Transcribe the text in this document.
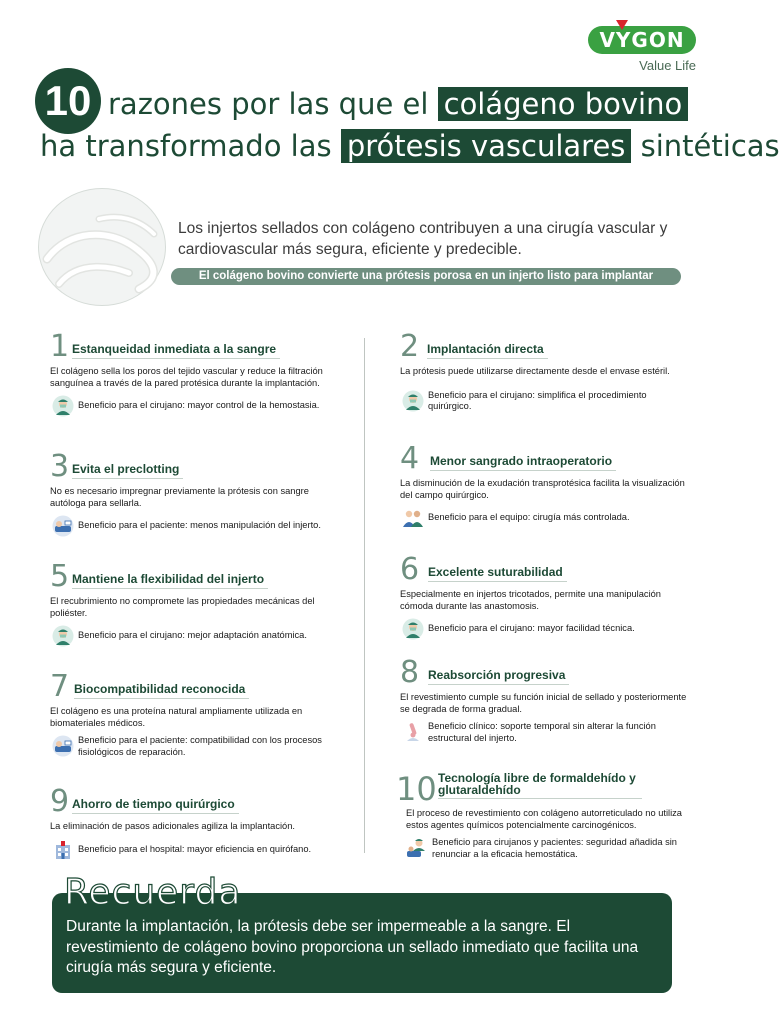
VYGON
Value Life
10 razones por las que el colágeno bovino
ha transformado las prótesis vasculares sintéticas
Los injertos sellados con colágeno contribuyen a una cirugía vascular y cardiovascular más segura, eficiente y predecible.
El colágeno bovino convierte una prótesis porosa en un injerto listo para implantar
1 Estanqueidad inmediata a la sangre
El colágeno sella los poros del tejido vascular y reduce la filtración sanguínea a través de la pared protésica durante la implantación.
Beneficio para el cirujano: mayor control de la hemostasia.
2 Implantación directa
La prótesis puede utilizarse directamente desde el envase estéril.
Beneficio para el cirujano: simplifica el procedimiento quirúrgico.
3 Evita el preclotting
No es necesario impregnar previamente la prótesis con sangre autóloga para sellarla.
Beneficio para el paciente: menos manipulación del injerto.
4 Menor sangrado intraoperatorio
La disminución de la exudación transprotésica facilita la visualización del campo quirúrgico.
Beneficio para el equipo: cirugía más controlada.
5 Mantiene la flexibilidad del injerto
El recubrimiento no compromete las propiedades mecánicas del poliéster.
Beneficio para el cirujano: mejor adaptación anatómica.
6 Excelente suturabilidad
Especialmente en injertos tricotados, permite una manipulación cómoda durante las anastomosis.
Beneficio para el cirujano: mayor facilidad técnica.
7 Biocompatibilidad reconocida
El colágeno es una proteína natural ampliamente utilizada en biomateriales médicos.
Beneficio para el paciente: compatibilidad con los procesos fisiológicos de reparación.
8 Reabsorción progresiva
El revestimiento cumple su función inicial de sellado y posteriormente se degrada de forma gradual.
Beneficio clínico: soporte temporal sin alterar la función estructural del injerto.
9 Ahorro de tiempo quirúrgico
La eliminación de pasos adicionales agiliza la implantación.
Beneficio para el hospital: mayor eficiencia en quirófano.
10 Tecnología libre de formaldehído y glutaraldehído
El proceso de revestimiento con colágeno autorreticulado no utiliza estos agentes químicos potencialmente carcinogénicos.
Beneficio para cirujanos y pacientes: seguridad añadida sin renunciar a la eficacia hemostática.
Durante la implantación, la prótesis debe ser impermeable a la sangre. El revestimiento de colágeno bovino proporciona un sellado inmediato que facilita una cirugía más segura y eficiente.
Recuerda
